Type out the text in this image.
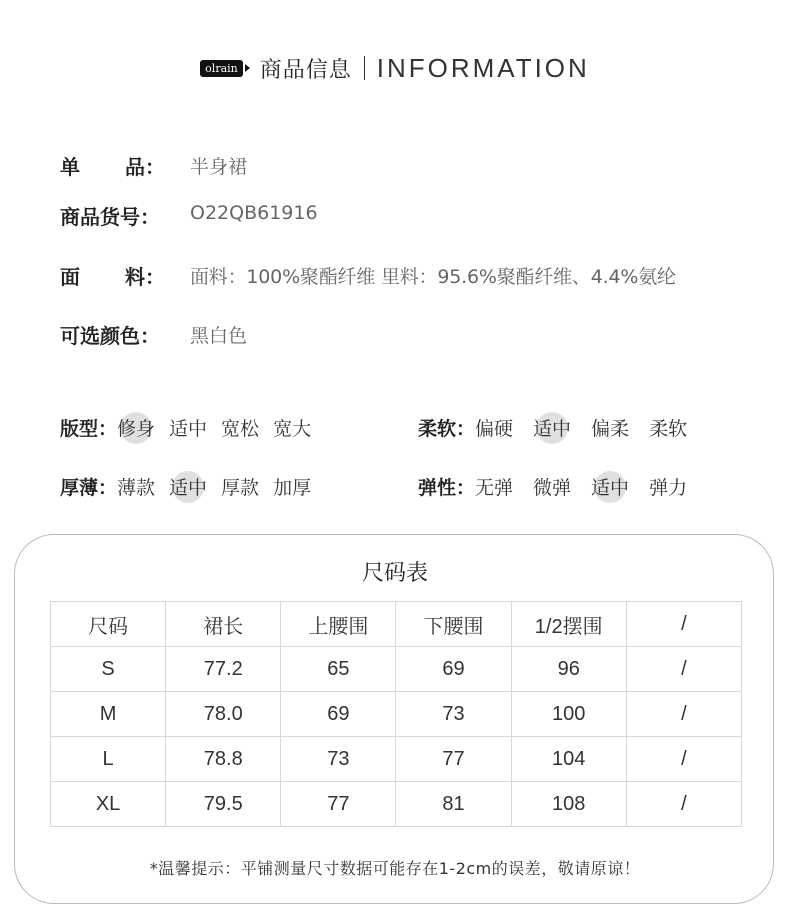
olrain 商品信息 INFORMATION
单 品 ： 半身裙
商品货号： O22QB61916
面 料 ： 面料：100%聚酯纤维 里料：95.6%聚酯纤维、4.4%氨纶
可选颜色： 黑白色
版型： 修身 适中 宽松 宽大	柔软： 偏硬 适中 偏柔 柔软
厚薄： 薄款 适中 厚款 加厚	弹性： 无弹 微弹 适中 弹力
尺码表
尺码	裙长	上腰围	下腰围	1/2摆围	/
S	77.2	65	69	96	/
M	78.0	69	73	100	/
L	78.8	73	77	104	/
XL	79.5	77	81	108	/
*温馨提示：平铺测量尺寸数据可能存在1-2cm的误差，敬请原谅！
